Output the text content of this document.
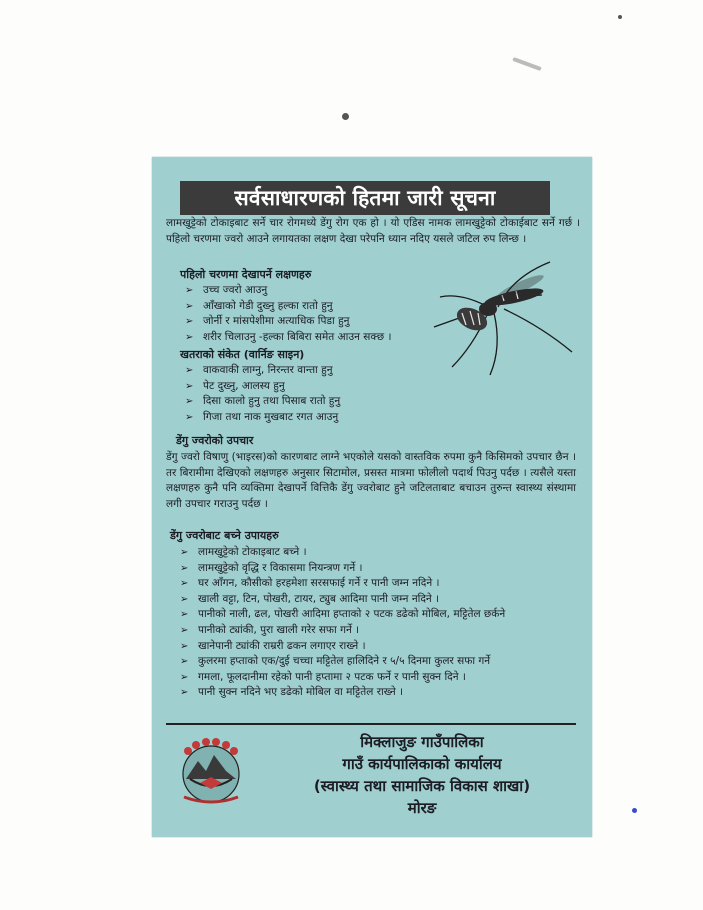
सर्वसाधारणको हितमा जारी सूचना
लामखुट्टेको टोकाइबाट सर्ने चार रोगमध्ये डेंगु रोग एक हो । यो एडिस नामक लामखुट्टेको टोकाईबाट सर्ने गर्छ । पहिलो चरणमा ज्वरो आउने लगायतका लक्षण देखा परेपनि ध्यान नदिए यसले जटिल रुप लिन्छ ।
पहिलो चरणमा देखापर्ने लक्षणहरु
➢ उच्च ज्वरो आउनु
➢ आँखाको गेडी दुख्नु हल्का रातो हुनु
➢ जोर्नी र मांसपेशीमा अत्याधिक पिडा हुनु
➢ शरीर चिलाउनु -हल्का बिबिरा समेत आउन सक्छ ।
खतराको संकेत (वार्निङ साइन)
➢ वाकवाकी लाग्नु, निरन्तर वान्ता हुनु
➢ पेट दुख्नु, आलस्य हुनु
➢ दिसा कालो हुनु तथा पिसाब रातो हुनु
➢ गिजा तथा नाक मुखबाट रगत आउनु
डेंगु ज्वरोको उपचार
डेंगु ज्वरो विषाणु (भाइरस)को कारणबाट लाग्ने भएकोले यसको वास्तविक रुपमा कुनै किसिमको उपचार छैन । तर बिरामीमा देखिएको लक्षणहरु अनुसार सिटामोल, प्रसस्त मात्रमा फोलीलो पदार्थ पिउनु पर्दछ । त्यसैले यस्ता लक्षणहरु कुनै पनि व्यक्तिमा देखापर्ने वित्तिकै डेंगु ज्वरोबाट हुने जटिलताबाट बचाउन तुरुन्त स्वास्थ्य संस्थामा लगी उपचार गराउनु पर्दछ ।
डेंगु ज्वरोबाट बच्ने उपायहरु
➢ लामखुट्टेको टोकाइबाट बच्ने ।
➢ लामखुट्टेको वृद्धि र विकासमा नियन्त्रण गर्ने ।
➢ घर आँगन, कौसीको हरहमेशा सरसफाई गर्ने र पानी जम्न नदिने ।
➢ खाली वट्टा, टिन, पोखरी, टायर, ट्युब आदिमा पानी जम्न नदिने ।
➢ पानीको नाली, ढल, पोखरी आदिमा हप्ताको २ पटक डढेको मोबिल, मट्टितेल छर्कने
➢ पानीको ट्यांकी, पुरा खाली गरेर सफा गर्ने ।
➢ खानेपानी ट्यांकी राम्ररी ढकन लगाएर राख्ने ।
➢ कुलरमा हप्ताको एक/दुई चच्चा मट्टितेल हालिदिने र ५/५ दिनमा कुलर सफा गर्ने
➢ गमला, फूलदानीमा रहेको पानी हप्तामा २ पटक फर्ने र पानी सुक्न दिने ।
➢ पानी सुक्न नदिने भए डढेको मोबिल वा मट्टितेल राख्ने ।
मिक्लाजुङ गाउँपालिका
गाउँ कार्यपालिकाको कार्यालय
(स्वास्थ्य तथा सामाजिक विकास शाखा)
मोरङ
